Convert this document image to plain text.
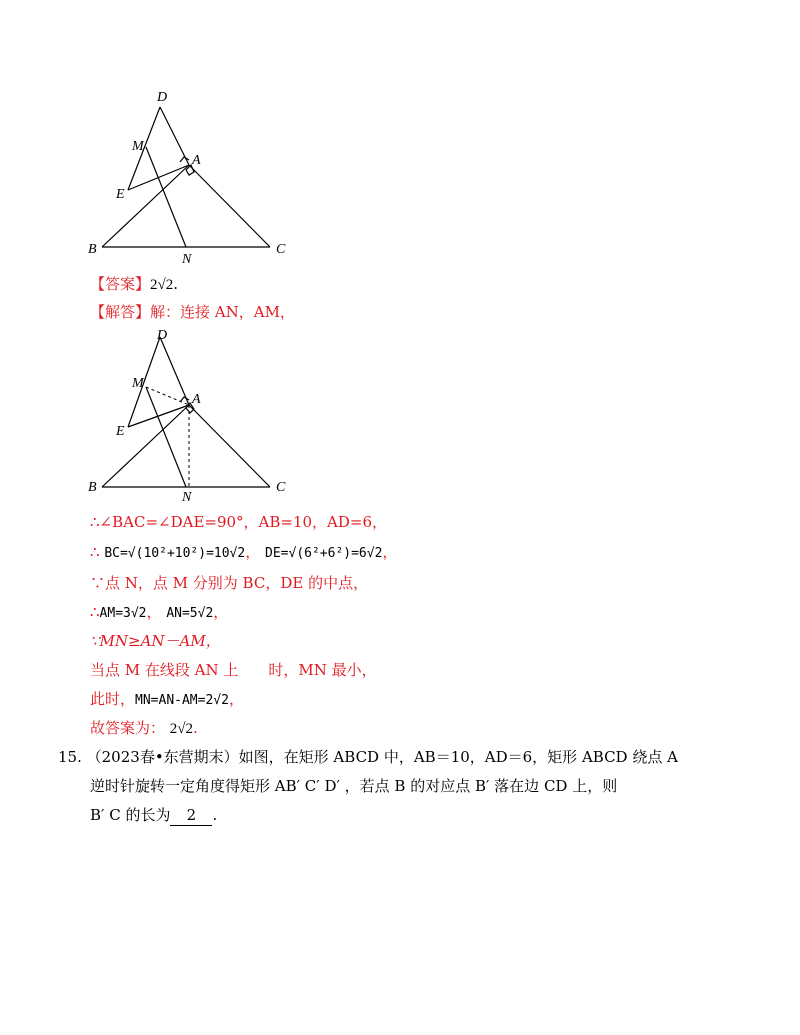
D
M
A
E
B
N
C
【答案】2√2.
【解答】解：连接 AN，AM，
D
M
A
E
B
N
C
∴∠BAC=∠DAE=90°，AB=10，AD=6，
∴ BC=√(10²+10²)=10√2， DE=√(6²+6²)=6√2，
∵点 N，点 M 分别为 BC，DE 的中点，
∴AM=3√2， AN=5√2，
∵MN≥AN－AM，
当点 M 在线段 AN 上　　时，MN 最小，
此时，MN=AN-AM=2√2，
故答案为： 2√2.
15. （2023春•东营期末）如图，在矩形 ABCD 中，AB＝10，AD＝6，矩形 ABCD 绕点 A
逆时针旋转一定角度得矩形 AB′ C′ D′ ，若点 B 的对应点 B′ 落在边 CD 上，则
B′ C 的长为 2 .
